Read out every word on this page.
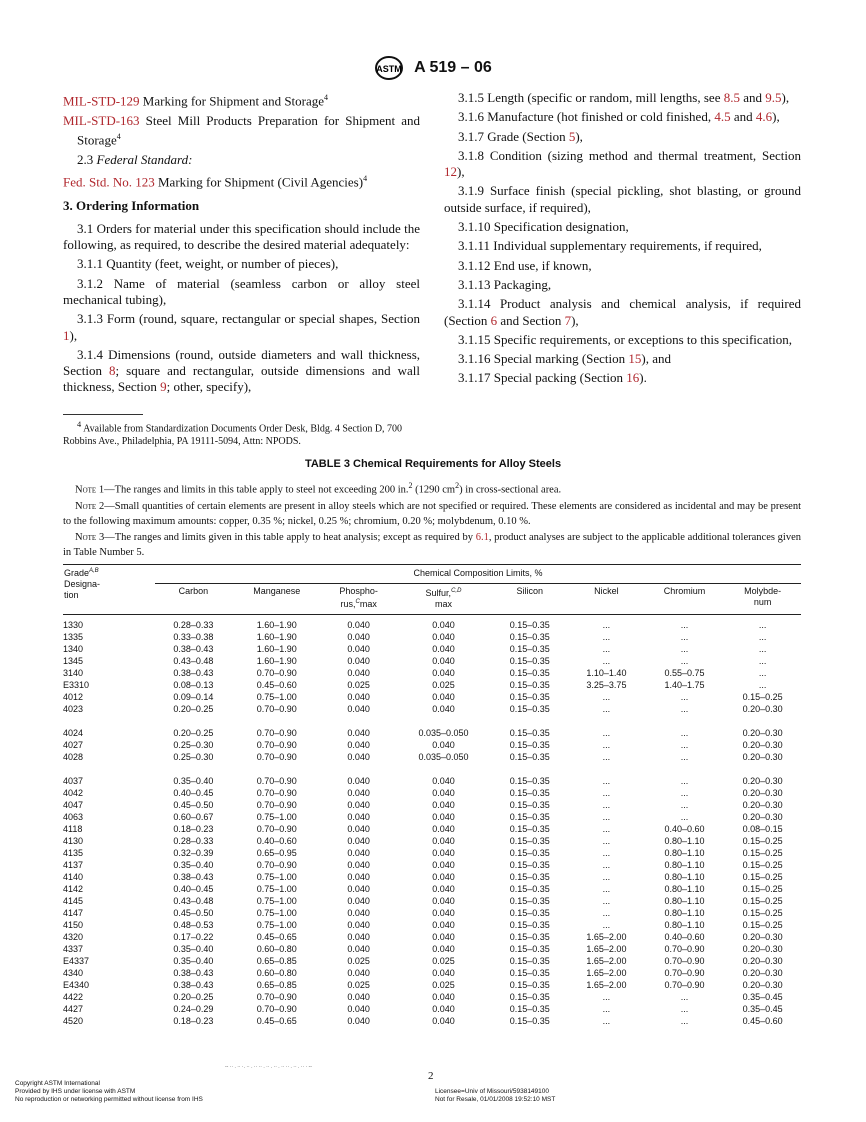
ASTM A 519 – 06

MIL-STD-129 Marking for Shipment and Storage$^4$

MIL-STD-163 Steel Mill Products Preparation for Shipment and Storage$^4$

2.3 Federal Standard:

Fed. Std. No. 123 Marking for Shipment (Civil Agencies)$^4$

3. Ordering Information

3.1 Orders for material under this specification should include the following, as required, to describe the desired material adequately:

3.1.1 Quantity (feet, weight, or number of pieces),

3.1.2 Name of material (seamless carbon or alloy steel mechanical tubing),

3.1.3 Form (round, square, rectangular or special shapes, Section 1),

3.1.4 Dimensions (round, outside diameters and wall thickness, Section 8; square and rectangular, outside dimensions and wall thickness, Section 9; other, specify),

3.1.5 Length (specific or random, mill lengths, see 8.5 and 9.5),

3.1.6 Manufacture (hot finished or cold finished, 4.5 and 4.6),

3.1.7 Grade (Section 5),

3.1.8 Condition (sizing method and thermal treatment, Section 12),

3.1.9 Surface finish (special pickling, shot blasting, or ground outside surface, if required),

3.1.10 Specification designation,

3.1.11 Individual supplementary requirements, if required,

3.1.12 End use, if known,

3.1.13 Packaging,

3.1.14 Product analysis and chemical analysis, if required (Section 6 and Section 7),

3.1.15 Specific requirements, or exceptions to this specification,

3.1.16 Special marking (Section 15), and

3.1.17 Special packing (Section 16).

$^4$ Available from Standardization Documents Order Desk, Bldg. 4 Section D, 700 Robbins Ave., Philadelphia, PA 19111-5094, Attn: NPODS.
TABLE 3 Chemical Requirements for Alloy Steels

Note 1—The ranges and limits in this table apply to steel not exceeding 200 in.$^2$ (1290 $cm^2$) in cross-sectional area.

Note 2—Small quantities of certain elements are present in alloy steels which are not specified or required. These elements are considered as incidental and may be present to the following maximum amounts: copper, 0.35 %; nickel, 0.25 %; chromium, 0.20 %; molybdenum, 0.10 %.

Note 3—The ranges and limits given in this table apply to heat analysis; except as required by 6.1, product analyses are subject to the applicable additional tolerances given in Table Number 5.

Grade$^{A,B}$
Designa-tion	Chemical Composition Limits, %							
	Carbon	Manganese	Phospho-
rus,$^C$max	Sulfur,$^{C,D}$
max	Silicon	Nickel	Chromium	Molybde-
num

1330	0.28–0.33	1.60–1.90	0.040	0.040	0.15–0.35	...	...	...
1335	0.33–0.38	1.60–1.90	0.040	0.040	0.15–0.35	...	...	...
1340	0.38–0.43	1.60–1.90	0.040	0.040	0.15–0.35	...	...	...
1345	0.43–0.48	1.60–1.90	0.040	0.040	0.15–0.35	...	...	...
3140	0.38–0.43	0.70–0.90	0.040	0.040	0.15–0.35	1.10–1.40	0.55–0.75	...
E3310	0.08–0.13	0.45–0.60	0.025	0.025	0.15–0.35	3.25–3.75	1.40–1.75	...
4012	0.09–0.14	0.75–1.00	0.040	0.040	0.15–0.35	...	...	0.15–0.25
4023	0.20–0.25	0.70–0.90	0.040	0.040	0.15–0.35	...	...	0.20–0.30

4024	0.20–0.25	0.70–0.90	0.040	0.035–0.050	0.15–0.35	...	...	0.20–0.30
4027	0.25–0.30	0.70–0.90	0.040	0.040	0.15–0.35	...	...	0.20–0.30
4028	0.25–0.30	0.70–0.90	0.040	0.035–0.050	0.15–0.35	...	...	0.20–0.30

4037	0.35–0.40	0.70–0.90	0.040	0.040	0.15–0.35	...	...	0.20–0.30
4042	0.40–0.45	0.70–0.90	0.040	0.040	0.15–0.35	...	...	0.20–0.30
4047	0.45–0.50	0.70–0.90	0.040	0.040	0.15–0.35	...	...	0.20–0.30
4063	0.60–0.67	0.75–1.00	0.040	0.040	0.15–0.35	...	...	0.20–0.30
4118	0.18–0.23	0.70–0.90	0.040	0.040	0.15–0.35	...	0.40–0.60	0.08–0.15
4130	0.28–0.33	0.40–0.60	0.040	0.040	0.15–0.35	...	0.80–1.10	0.15–0.25
4135	0.32–0.39	0.65–0.95	0.040	0.040	0.15–0.35	...	0.80–1.10	0.15–0.25
4137	0.35–0.40	0.70–0.90	0.040	0.040	0.15–0.35	...	0.80–1.10	0.15–0.25
4140	0.38–0.43	0.75–1.00	0.040	0.040	0.15–0.35	...	0.80–1.10	0.15–0.25
4142	0.40–0.45	0.75–1.00	0.040	0.040	0.15–0.35	...	0.80–1.10	0.15–0.25
4145	0.43–0.48	0.75–1.00	0.040	0.040	0.15–0.35	...	0.80–1.10	0.15–0.25
4147	0.45–0.50	0.75–1.00	0.040	0.040	0.15–0.35	...	0.80–1.10	0.15–0.25
4150	0.48–0.53	0.75–1.00	0.040	0.040	0.15–0.35	...	0.80–1.10	0.15–0.25
4320	0.17–0.22	0.45–0.65	0.040	0.040	0.15–0.35	1.65–2.00	0.40–0.60	0.20–0.30
4337	0.35–0.40	0.60–0.80	0.040	0.040	0.15–0.35	1.65–2.00	0.70–0.90	0.20–0.30
E4337	0.35–0.40	0.65–0.85	0.025	0.025	0.15–0.35	1.65–2.00	0.70–0.90	0.20–0.30
4340	0.38–0.43	0.60–0.80	0.040	0.040	0.15–0.35	1.65–2.00	0.70–0.90	0.20–0.30
E4340	0.38–0.43	0.65–0.85	0.025	0.025	0.15–0.35	1.65–2.00	0.70–0.90	0.20–0.30
4422	0.20–0.25	0.70–0.90	0.040	0.040	0.15–0.35	...	...	0.35–0.45
4427	0.24–0.29	0.70–0.90	0.040	0.040	0.15–0.35	...	...	0.35–0.45
4520	0.18–0.23	0.45–0.65	0.040	0.040	0.15–0.35	...	...	0.45–0.60
-- ·· . ·· ·. ·· . ·· ·· . ·· . ·· . ·· ·· . ·· . ·· · --
2
Copyright ASTM International
Provided by IHS under license with ASTM
No reproduction or networking permitted without license from IHS
Licensee=Univ of Missouri/5938149100
Not for Resale, 01/01/2008 19:52:10 MST
